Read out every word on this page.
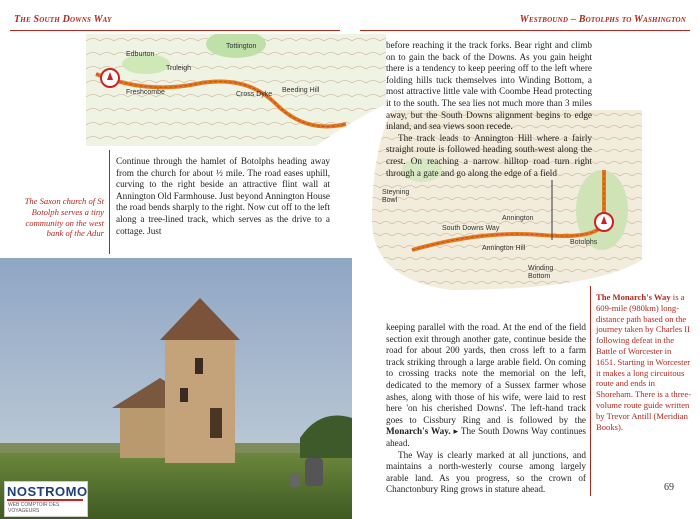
The South Downs Way	Westbound – Botolphs to Washington
Edburton
Tottington
Truleigh
Freshcombe	Cross Dyke
Beeding Hill
Steyning
Bowl
South Downs Way
Annington Hill
Annington
Botolphs
Winding
Bottom

Continue through the hamlet of Botolphs heading away from the church for about ½ mile. The road eases uphill, curving to the right beside an attractive flint wall at Annington Old Farmhouse. Just beyond Annington House the road bends sharply to the right. Now cut off to the left along a tree-lined track, which serves as the drive to a cottage. Just

The Saxon church of St Botolph serves a tiny community on the west bank of the Adur

before reaching it the track forks. Bear right and climb on to gain the back of the Downs. As you gain height there is a tendency to keep peering off to the left where folding hills tuck themselves into Winding Bottom, a most attractive little vale with Coombe Head protecting it to the south. The sea lies not much more than 3 miles away, but the South Downs alignment begins to edge inland, and sea views soon recede.

The track leads to Annington Hill where a fairly straight route is followed heading south-west along the crest. On reaching a narrow hilltop road turn right through a gate and go along the edge of a field

keeping parallel with the road. At the end of the field section exit through another gate, continue beside the road for about 200 yards, then cross left to a farm track striking through a large arable field. On coming to crossing tracks note the memorial on the left, dedicated to the memory of a Sussex farmer whose ashes, along with those of his wife, were laid to rest here 'on his cherished Downs'. The left-hand track goes to Cissbury Ring and is followed by the Monarch's Way. ▸ The South Downs Way continues ahead.

The Way is clearly marked at all junctions, and maintains a north-westerly course among largely arable land. As you progress, so the crown of Chanctonbury Ring grows in stature ahead.

The Monarch's Way is a 609-mile (980km) long-distance path based on the journey taken by Charles II following defeat in the Battle of Worcester in 1651. Starting in Worcester it makes a long circuitous route and ends in Shoreham. There is a three-volume route guide written by Trevor Antill (Meridian Books).
NOSTROMO
WEB COMPTOIR DES VOYAGEURS
69
